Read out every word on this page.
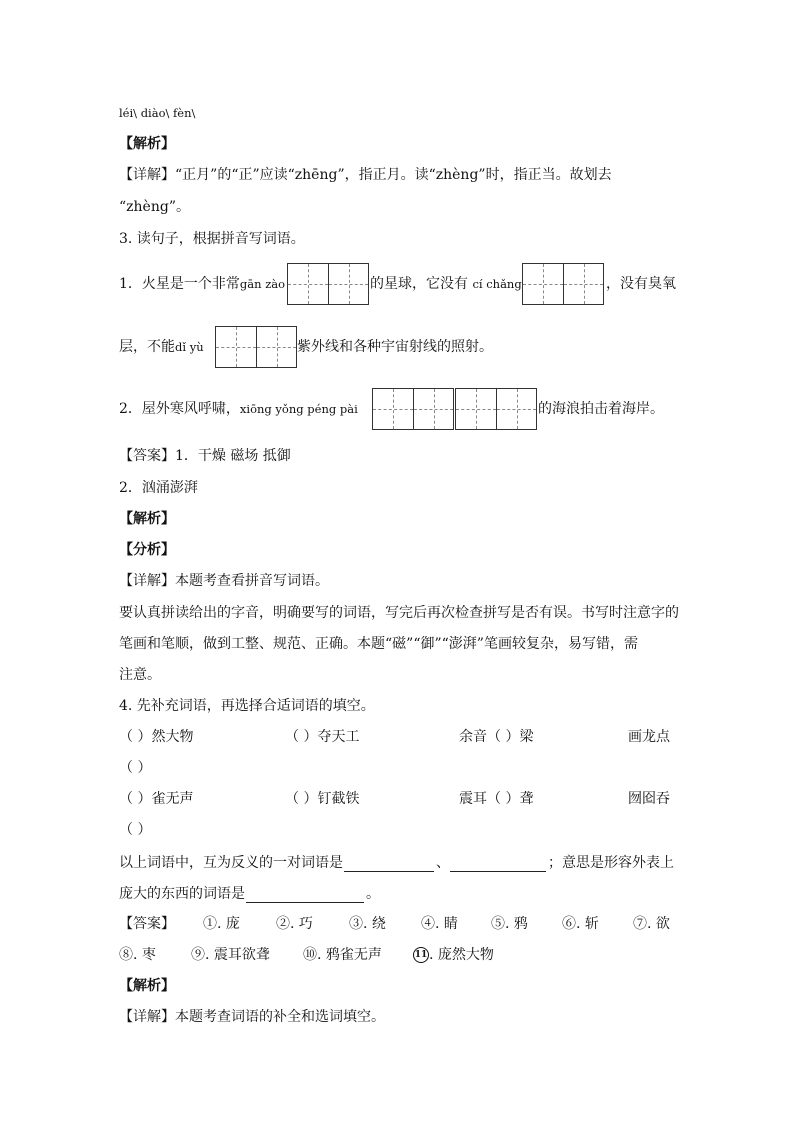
léi\ diào\ fèn\
【解析】
【详解】“正月”的“正”应读“zhēng”，指正月。读“zhèng”时，指正当。故划去
“zhèng”。
3. 读句子，根据拼音写词语。
1．火星是一个非常gān zào	的星球，它没有 cí chǎng	，没有臭氧
层，不能dǐ yù	紫外线和各种宇宙射线的照射。
2．屋外寒风呼啸，xiōng yǒng péng pài	的海浪拍击着海岸。
【答案】1．干燥 磁场 抵御
2．汹涌澎湃
【解析】
【分析】
【详解】本题考查看拼音写词语。
要认真拼读给出的字音，明确要写的词语，写完后再次检查拼写是否有误。书写时注意字的
笔画和笔顺，做到工整、规范、正确。本题“磁”“御”“澎湃”笔画较复杂，易写错，需
注意。
4. 先补充词语，再选择合适词语的填空。
（ ）然大物	（ ）夺天工	余音（ ）梁	画龙点
（ ）
（ ）雀无声	（ ）钉截铁	震耳（ ）聋	囫囵吞
（ ）
以上词语中，互为反义的一对词语是	、	；意思是形容外表上
庞大的东西的词语是	。
【答案】 ①. 庞	②. 巧	③. 绕	④. 睛 ⑤. 鸦 ⑥. 斩 ⑦. 欲
⑧. 枣	⑨. 震耳欲聋 ⑩. 鸦雀无声	11 . 庞然大物
【解析】
【详解】本题考查词语的补全和选词填空。
